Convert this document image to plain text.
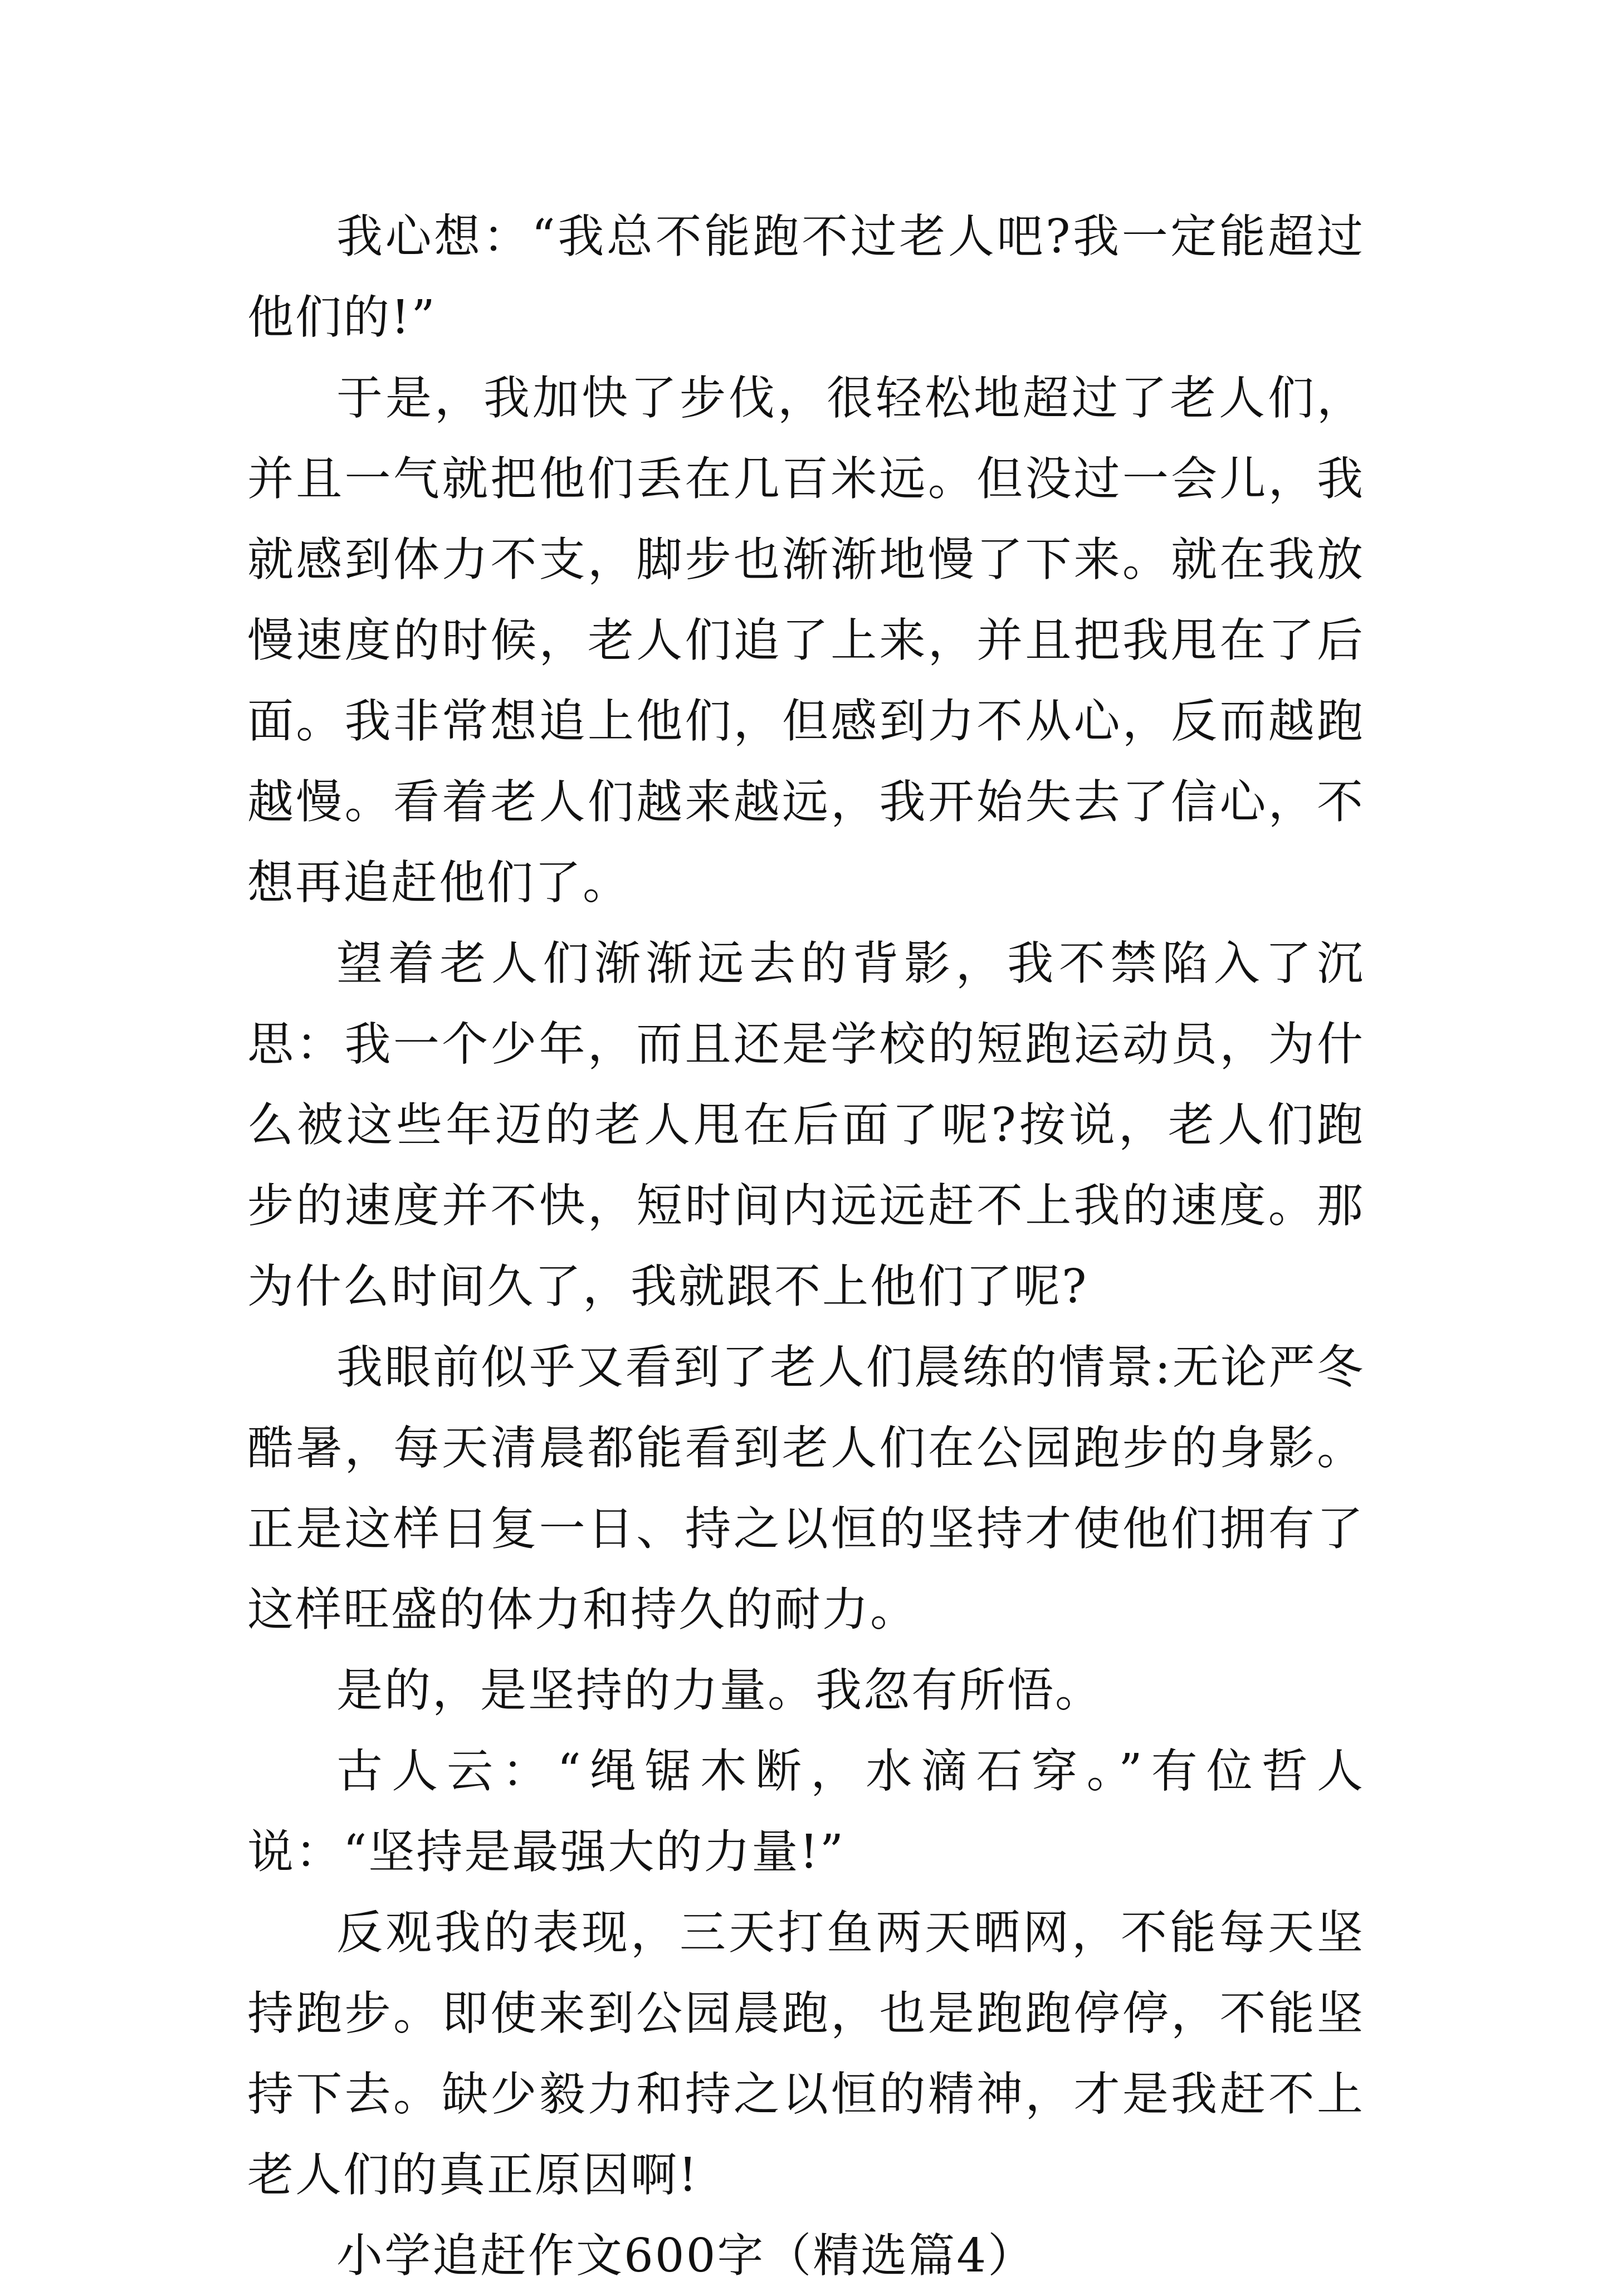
我心想：“我总不能跑不过老人吧?我一定能超过他们的!”

于是，我加快了步伐，很轻松地超过了老人们，并且一气就把他们丢在几百米远。但没过一会儿，我就感到体力不支，脚步也渐渐地慢了下来。就在我放慢速度的时候，老人们追了上来，并且把我甩在了后面。我非常想追上他们，但感到力不从心，反而越跑越慢。看着老人们越来越远，我开始失去了信心，不想再追赶他们了。

望着老人们渐渐远去的背影，我不禁陷入了沉思：我一个少年，而且还是学校的短跑运动员，为什么被这些年迈的老人甩在后面了呢?按说，老人们跑步的速度并不快，短时间内远远赶不上我的速度。那为什么时间久了，我就跟不上他们了呢?

我眼前似乎又看到了老人们晨练的情景:无论严冬酷暑，每天清晨都能看到老人们在公园跑步的身影。正是这样日复一日、持之以恒的坚持才使他们拥有了这样旺盛的体力和持久的耐力。

是的，是坚持的力量。我忽有所悟。

古人云：“绳锯木断，水滴石穿。”有位哲人说：“坚持是最强大的力量!”

反观我的表现，三天打鱼两天晒网，不能每天坚持跑步。即使来到公园晨跑，也是跑跑停停，不能坚持下去。缺少毅力和持之以恒的精神，才是我赶不上老人们的真正原因啊!

小学追赶作文600字（精选篇4）
